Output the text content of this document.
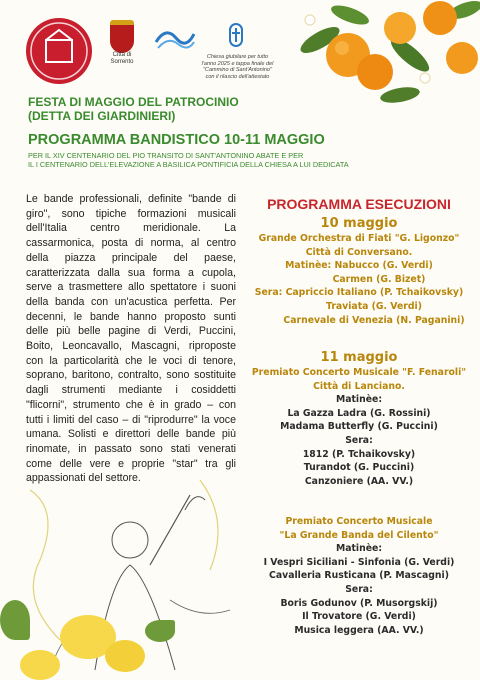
Città di
Sorrento
Chiesa giubilare per tutto
l'anno 2025 e tappa finale del
"Cammino di Sant'Antonino"
con il rilascio dell'attestato
FESTA DI MAGGIO DEL PATROCINIO
(DETTA DEI GIARDINIERI)
PROGRAMMA BANDISTICO 10-11 MAGGIO
PER IL XIV CENTENARIO DEL PIO TRANSITO DI SANT'ANTONINO ABATE E PER
IL I CENTENARIO DELL'ELEVAZIONE A BASILICA PONTIFICIA DELLA CHIESA A LUI DEDICATA
Le bande professionali, definite "bande di giro", sono tipiche formazioni musicali dell'Italia centro meridionale. La cassarmonica, posta di norma, al centro della piazza principale del paese, caratterizzata dalla sua forma a cupola, serve a trasmettere allo spettatore i suoni della banda con un'acustica perfetta. Per decenni, le bande hanno proposto sunti delle più belle pagine di Verdi, Puccini, Boito, Leoncavallo, Mascagni, riproposte con la particolarità che le voci di tenore, soprano, baritono, contralto, sono sostituite dagli strumenti mediante i cosiddetti "flicorni", strumento che è in grado – con tutti i limiti del caso – di "riprodurre" la voce umana. Solisti e direttori delle bande più rinomate, in passato sono stati venerati come delle vere e proprie "star" tra gli appassionati del settore.
PROGRAMMA ESECUZIONI
10 maggio
Grande Orchestra di Fiati "G. Ligonzo"
Città di Conversano.
Matinèe: Nabucco (G. Verdi)
Carmen (G. Bizet)
Sera: Capriccio Italiano (P. Tchaikovsky)
Traviata (G. Verdi)
Carnevale di Venezia (N. Paganini)
11 maggio
Premiato Concerto Musicale "F. Fenaroli"
Città di Lanciano.
Matinèe:
La Gazza Ladra (G. Rossini)
Madama Butterfly (G. Puccini)
Sera:
1812 (P. Tchaikovsky)
Turandot (G. Puccini)
Canzoniere (AA. VV.)
Premiato Concerto Musicale
"La Grande Banda del Cilento"
Matinèe:
I Vespri Siciliani - Sinfonia (G. Verdi)
Cavalleria Rusticana (P. Mascagni)
Sera:
Boris Godunov (P. Musorgskij)
Il Trovatore (G. Verdi)
Musica leggera (AA. VV.)
